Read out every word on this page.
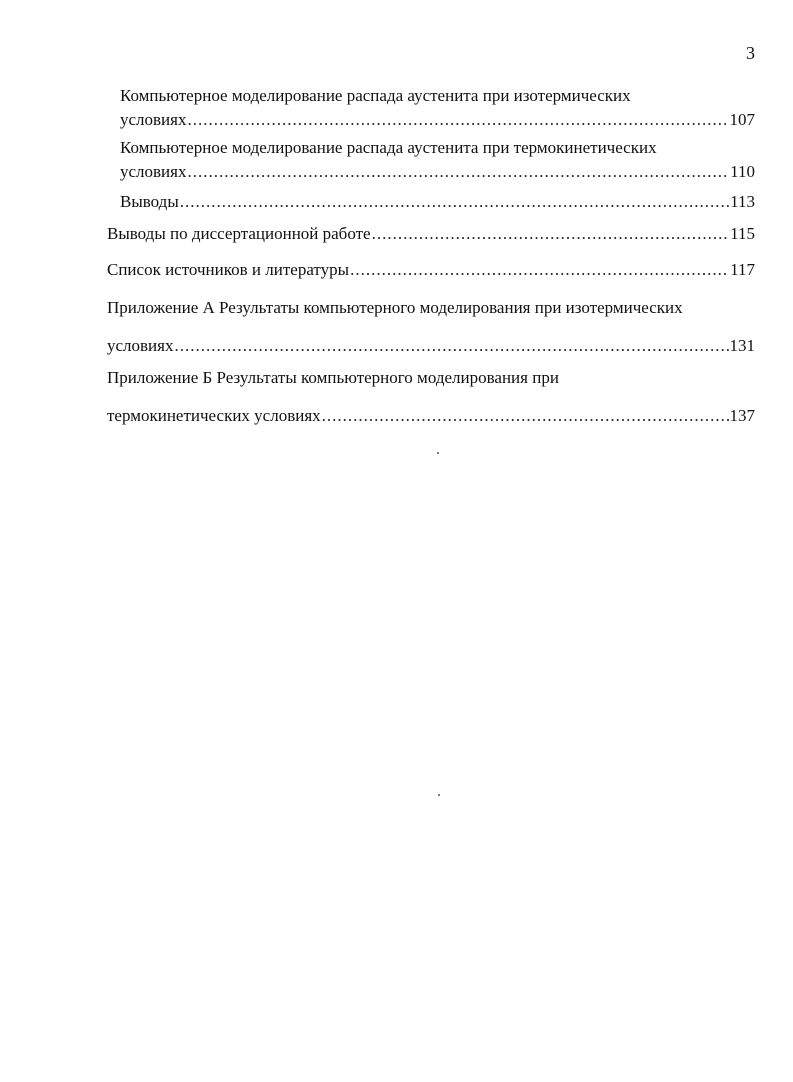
3
Компьютерное моделирование распада аустенита при изотермических
условиях .....	107
Компьютерное моделирование распада аустенита при термокинетических
условиях .....	110
Выводы .....	113
Выводы по диссертационной работе .....	115
Список источников и литературы .....	117
Приложение А Результаты компьютерного моделирования при изотермических
условиях .....	131
Приложение Б Результаты компьютерного моделирования при
термокинетических условиях .....	137
